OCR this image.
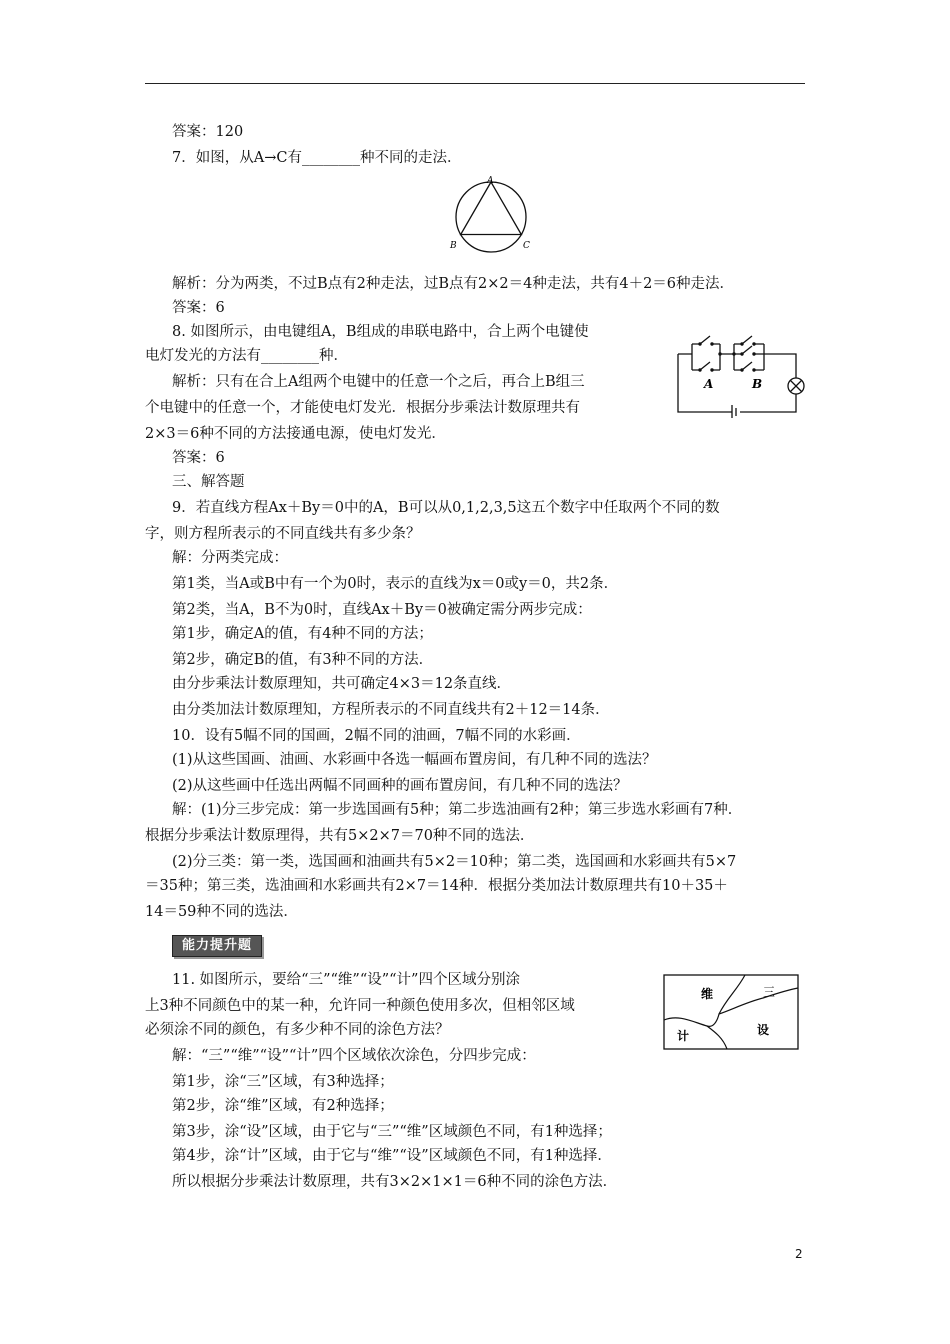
答案：120
7．如图，从A→C有________种不同的走法．
A
B	C
解析：分为两类，不过B点有2种走法，过B点有2×2＝4种走法，共有4＋2＝6种走法．
答案：6
8. 如图所示，由电键组A，B组成的串联电路中，合上两个电键使
电灯发光的方法有________种．
解析：只有在合上A组两个电键中的任意一个之后，再合上B组三
个电键中的任意一个，才能使电灯发光．根据分步乘法计数原理共有
2×3＝6种不同的方法接通电源，使电灯发光．
A	B
答案：6
三、解答题
9．若直线方程Ax＋By＝0中的A，B可以从0,1,2,3,5这五个数字中任取两个不同的数
字，则方程所表示的不同直线共有多少条？
解：分两类完成：
第1类，当A或B中有一个为0时，表示的直线为x＝0或y＝0，共2条．
第2类，当A，B不为0时，直线Ax＋By＝0被确定需分两步完成：
第1步，确定A的值，有4种不同的方法；
第2步，确定B的值，有3种不同的方法．
由分步乘法计数原理知，共可确定4×3＝12条直线．
由分类加法计数原理知，方程所表示的不同直线共有2＋12＝14条．
10．设有5幅不同的国画，2幅不同的油画，7幅不同的水彩画．
(1)从这些国画、油画、水彩画中各选一幅画布置房间，有几种不同的选法？
(2)从这些画中任选出两幅不同画种的画布置房间，有几种不同的选法？
解：(1)分三步完成：第一步选国画有5种；第二步选油画有2种；第三步选水彩画有7种．
根据分步乘法计数原理得，共有5×2×7＝70种不同的选法．
(2)分三类：第一类，选国画和油画共有5×2＝10种；第二类，选国画和水彩画共有5×7
＝35种；第三类，选油画和水彩画共有2×7＝14种．根据分类加法计数原理共有10＋35＋
14＝59种不同的选法．
能力提升题
11. 如图所示，要给“三”“维”“设”“计”四个区域分别涂
上3种不同颜色中的某一种，允许同一种颜色使用多次，但相邻区域
必须涂不同的颜色，有多少种不同的涂色方法？
维	三
设
计
解：“三”“维”“设”“计”四个区域依次涂色，分四步完成：
第1步，涂“三”区域，有3种选择；
第2步，涂“维”区域，有2种选择；
第3步，涂“设”区域，由于它与“三”“维”区域颜色不同，有1种选择；
第4步，涂“计”区域，由于它与“维”“设”区域颜色不同，有1种选择．
所以根据分步乘法计数原理，共有3×2×1×1＝6种不同的涂色方法．
2
